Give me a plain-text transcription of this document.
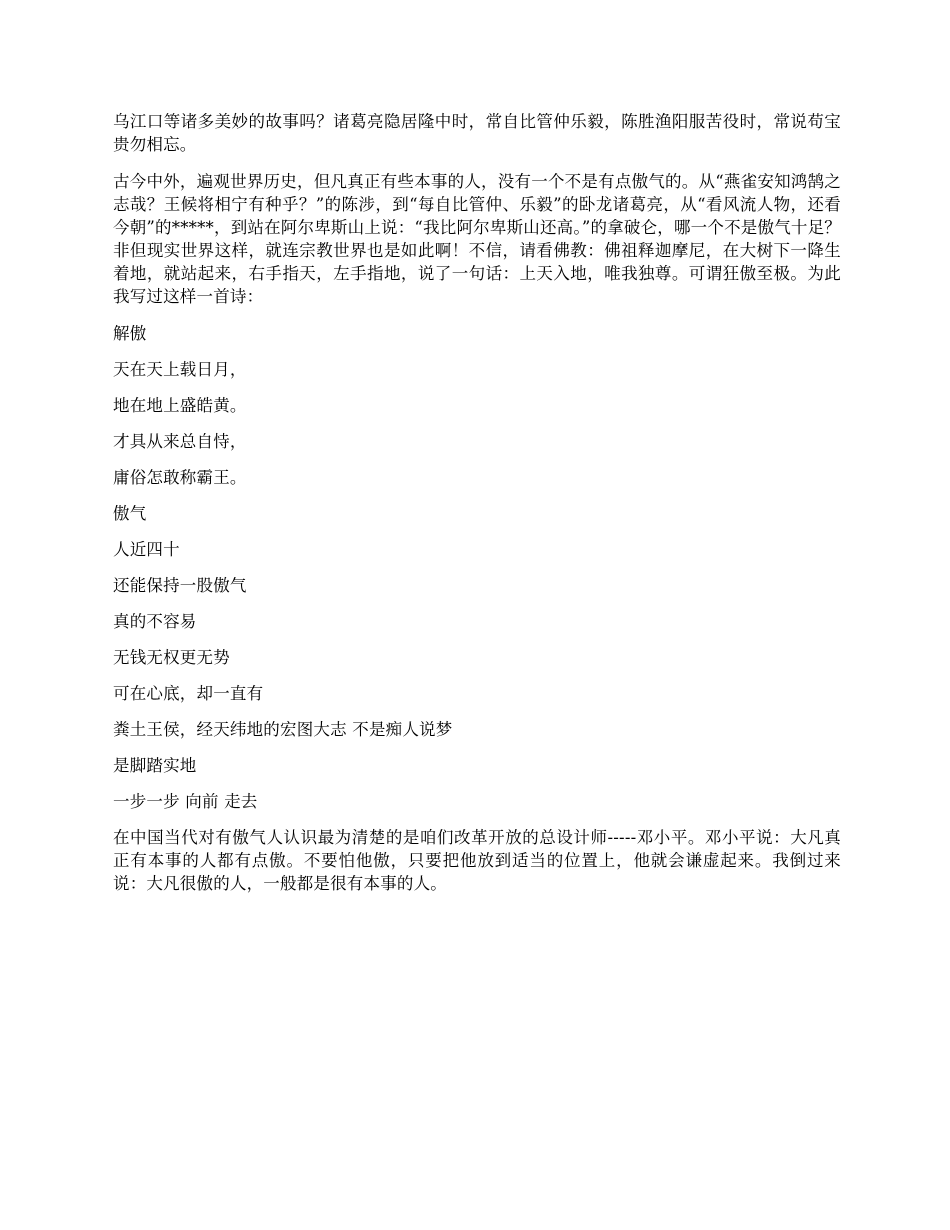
乌江口等诸多美妙的故事吗？诸葛亮隐居隆中时，常自比管仲乐毅，陈胜渔阳服苦役时，常说苟宝贵勿相忘。

古今中外，遍观世界历史，但凡真正有些本事的人，没有一个不是有点傲气的。从“燕雀安知鸿鹄之志哉？王候将相宁有种乎？”的陈涉，到“每自比管仲、乐毅”的卧龙诸葛亮，从“看风流人物，还看今朝”的*****，到站在阿尔卑斯山上说：“我比阿尔卑斯山还高。”的拿破仑，哪一个不是傲气十足？非但现实世界这样，就连宗教世界也是如此啊！不信，请看佛教：佛祖释迦摩尼，在大树下一降生着地，就站起来，右手指天，左手指地，说了一句话：上天入地，唯我独尊。可谓狂傲至极。为此我写过这样一首诗：

解傲

天在天上载日月，

地在地上盛皓黄。

才具从来总自恃，

庸俗怎敢称霸王。

傲气

人近四十

还能保持一股傲气

真的不容易

无钱无权更无势

可在心底，却一直有

粪土王侯，经天纬地的宏图大志 不是痴人说梦

是脚踏实地

一步一步 向前 走去

在中国当代对有傲气人认识最为清楚的是咱们改革开放的总设计师-----邓小平。邓小平说：大凡真正有本事的人都有点傲。不要怕他傲，只要把他放到适当的位置上，他就会谦虚起来。我倒过来说：大凡很傲的人，一般都是很有本事的人。
